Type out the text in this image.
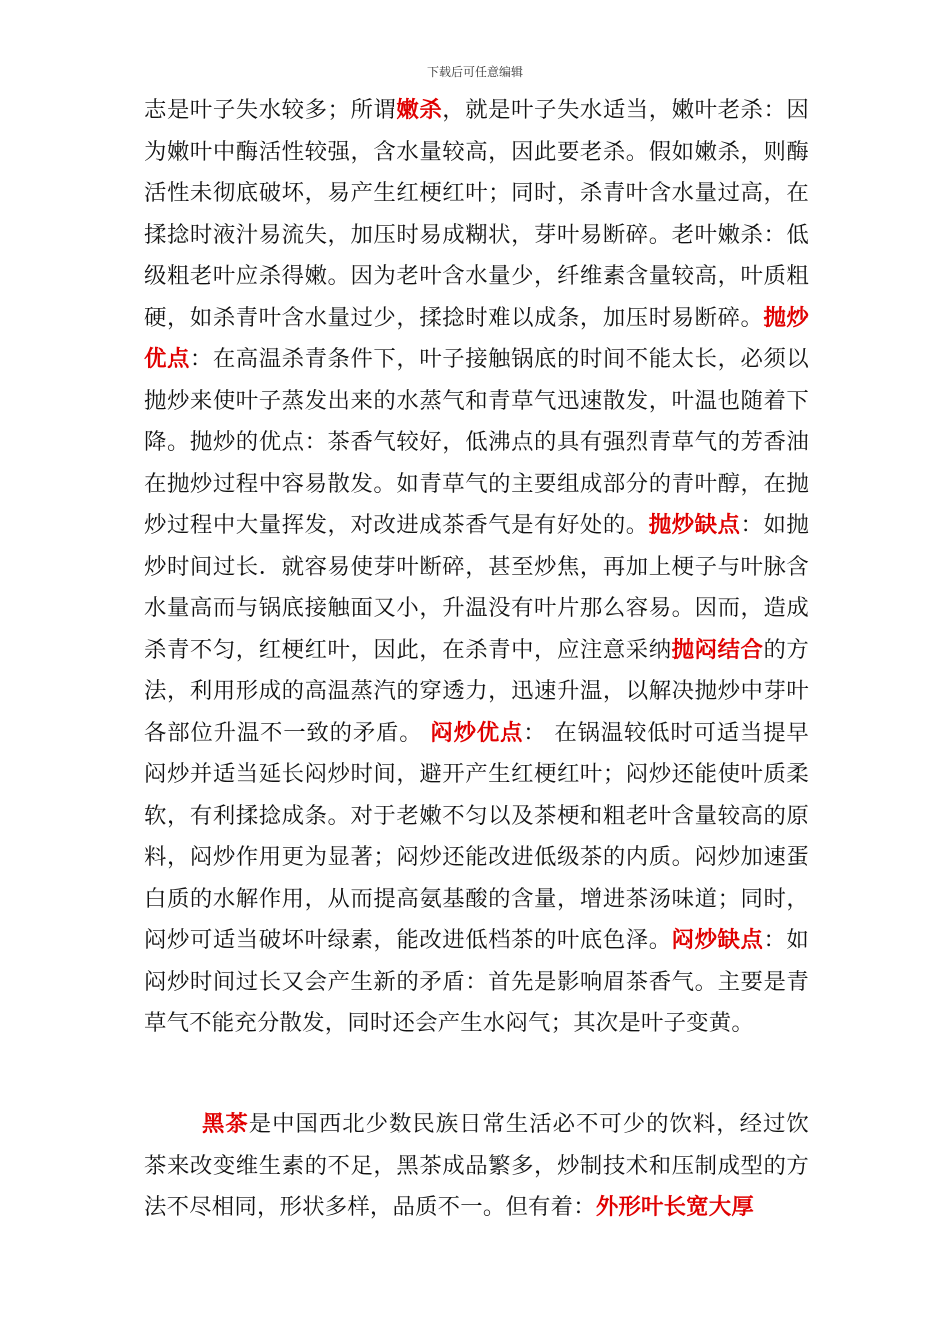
下载后可任意编辑
志是叶子失水较多；所谓嫩杀，就是叶子失水适当，嫩叶老杀：因为嫩叶中酶活性较强，含水量较高，因此要老杀。假如嫩杀，则酶活性未彻底破坏，易产生红梗红叶；同时，杀青叶含水量过高，在揉捻时液汁易流失，加压时易成糊状，芽叶易断碎。老叶嫩杀：低级粗老叶应杀得嫩。因为老叶含水量少，纤维素含量较高，叶质粗硬，如杀青叶含水量过少，揉捻时难以成条，加压时易断碎。抛炒优点：在高温杀青条件下，叶子接触锅底的时间不能太长，必须以抛炒来使叶子蒸发出来的水蒸气和青草气迅速散发，叶温也随着下降。抛炒的优点：茶香气较好，低沸点的具有强烈青草气的芳香油在抛炒过程中容易散发。如青草气的主要组成部分的青叶醇，在抛炒过程中大量挥发，对改进成茶香气是有好处的。抛炒缺点：如抛炒时间过长．就容易使芽叶断碎，甚至炒焦，再加上梗子与叶脉含水量高而与锅底接触面又小，升温没有叶片那么容易。因而，造成杀青不匀，红梗红叶，因此，在杀青中，应注意采纳抛闷结合的方法，利用形成的高温蒸汽的穿透力，迅速升温，以解决抛炒中芽叶各部位升温不一致的矛盾。 闷炒优点： 在锅温较低时可适当提早闷炒并适当延长闷炒时间，避开产生红梗红叶；闷炒还能使叶质柔软，有利揉捻成条。对于老嫩不匀以及茶梗和粗老叶含量较高的原料，闷炒作用更为显著；闷炒还能改进低级茶的内质。闷炒加速蛋白质的水解作用，从而提高氨基酸的含量，增进茶汤味道；同时，闷炒可适当破坏叶绿素，能改进低档茶的叶底色泽。闷炒缺点：如闷炒时间过长又会产生新的矛盾：首先是影响眉茶香气。主要是青草气不能充分散发，同时还会产生水闷气；其次是叶子变黄。
黑茶是中国西北少数民族日常生活必不可少的饮料，经过饮茶来改变维生素的不足，黑茶成品繁多，炒制技术和压制成型的方法不尽相同，形状多样，品质不一。但有着：外形叶长宽大厚
